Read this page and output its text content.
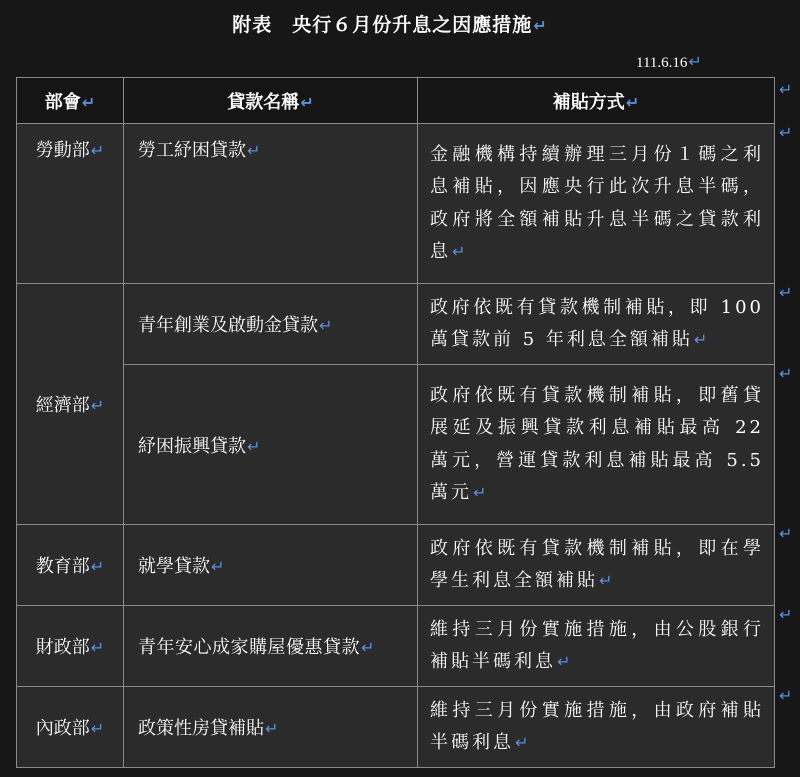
附表　央行６月份升息之因應措施↵
111.6.16↵
↵
↵
↵
↵
↵
↵
↵
部會↵	貸款名稱↵	補貼方式↵
勞動部↵	勞工紓困貸款↵	金融機構持續辦理三月份１碼之利息補貼，因應央行此次升息半碼，政府將全額補貼升息半碼之貸款利息↵
經濟部↵	青年創業及啟動金貸款↵	政府依既有貸款機制補貼，即 100 萬貸款前 5 年利息全額補貼↵
	紓困振興貸款↵	政府依既有貸款機制補貼，即舊貸展延及振興貸款利息補貼最高 22 萬元，營運貸款利息補貼最高 5.5 萬元↵
教育部↵	就學貸款↵	政府依既有貸款機制補貼，即在學學生利息全額補貼↵
財政部↵	青年安心成家購屋優惠貸款↵	維持三月份實施措施，由公股銀行補貼半碼利息↵
內政部↵	政策性房貸補貼↵	維持三月份實施措施，由政府補貼半碼利息↵
